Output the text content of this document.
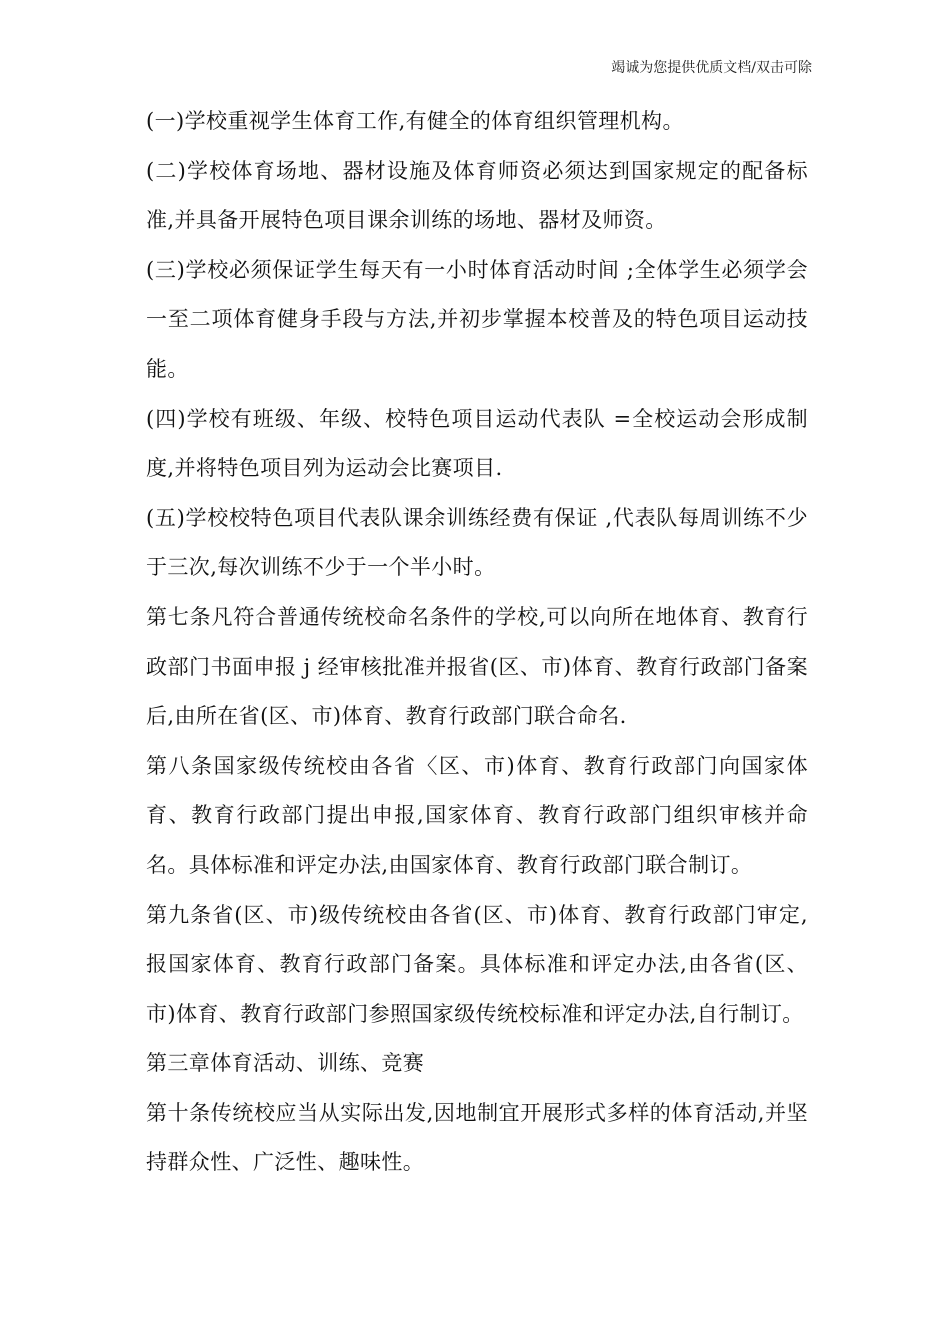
竭诚为您提供优质文档/双击可除

(一)学校重视学生体育工作,有健全的体育组织管理机构。

(二)学校体育场地、器材设施及体育师资必须达到国家规定的配备标准,并具备开展特色项目课余训练的场地、器材及师资。

(三)学校必须保证学生每天有一小时体育活动时间 ;全体学生必须学会一至二项体育健身手段与方法,并初步掌握本校普及的特色项目运动技能。

(四)学校有班级、年级、校特色项目运动代表队 =全校运动会形成制度,并将特色项目列为运动会比赛项目.

(五)学校校特色项目代表队课余训练经费有保证 ,代表队每周训练不少于三次,每次训练不少于一个半小时。

第七条凡符合普通传统校命名条件的学校,可以向所在地体育、教育行政部门书面申报 j 经审核批准并报省(区、市)体育、教育行政部门备案后,由所在省(区、市)体育、教育行政部门联合命名.

第八条国家级传统校由各省〈区、市)体育、教育行政部门向国家体育、教育行政部门提出申报,国家体育、教育行政部门组织审核并命名。具体标准和评定办法,由国家体育、教育行政部门联合制订。

第九条省(区、市)级传统校由各省(区、市)体育、教育行政部门审定,报国家体育、教育行政部门备案。具体标准和评定办法,由各省(区、市)体育、教育行政部门参照国家级传统校标准和评定办法,自行制订。

第三章体育活动、训练、竞赛

第十条传统校应当从实际出发,因地制宜开展形式多样的体育活动,并坚持群众性、广泛性、趣味性。
